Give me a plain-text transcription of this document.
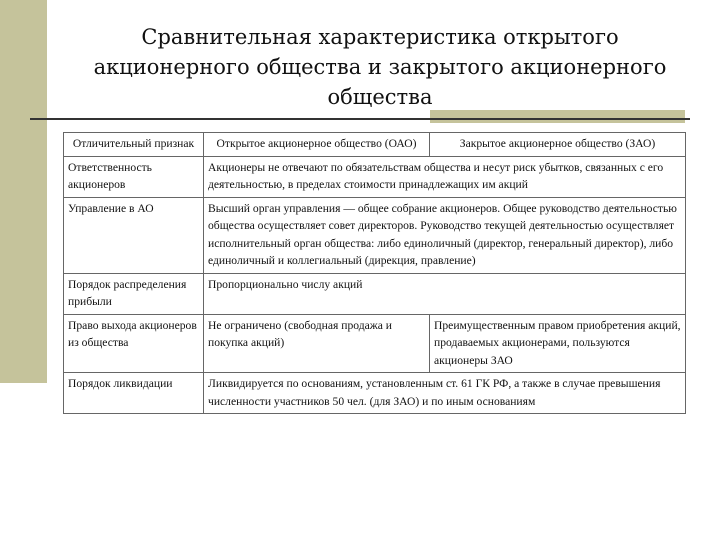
Сравнительная характеристика открытого
акционерного общества и закрытого акционерного
общества
Отличительный признак	Открытое акционерное общество (ОАО)	Закрытое акционерное общество (ЗАО)
Ответственность акционеров	Акционеры не отвечают по обязательствам общества и несут риск убытков, связанных с его деятельностью, в пределах стоимости принадлежащих им акций	
Управление в АО	Высший орган управления — общее собрание акционеров. Общее руководство деятельностью общества осуществляет совет директоров. Руководство текущей деятельностью осуществляет исполнительный орган общества: либо единоличный (директор, генеральный директор), либо единоличный и коллегиальный (дирекция, правление)	
Порядок распределения прибыли	Пропорционально числу акций	
Право выхода акционеров из общества	Не ограничено (свободная продажа и покупка акций)	Преимущественным правом приобретения акций, продаваемых акционерами, пользуются акционеры ЗАО
Порядок ликвидации	Ликвидируется по основаниям, установленным ст. 61 ГК РФ, а также в случае превышения численности участников 50 чел. (для ЗАО) и по иным основаниям	
